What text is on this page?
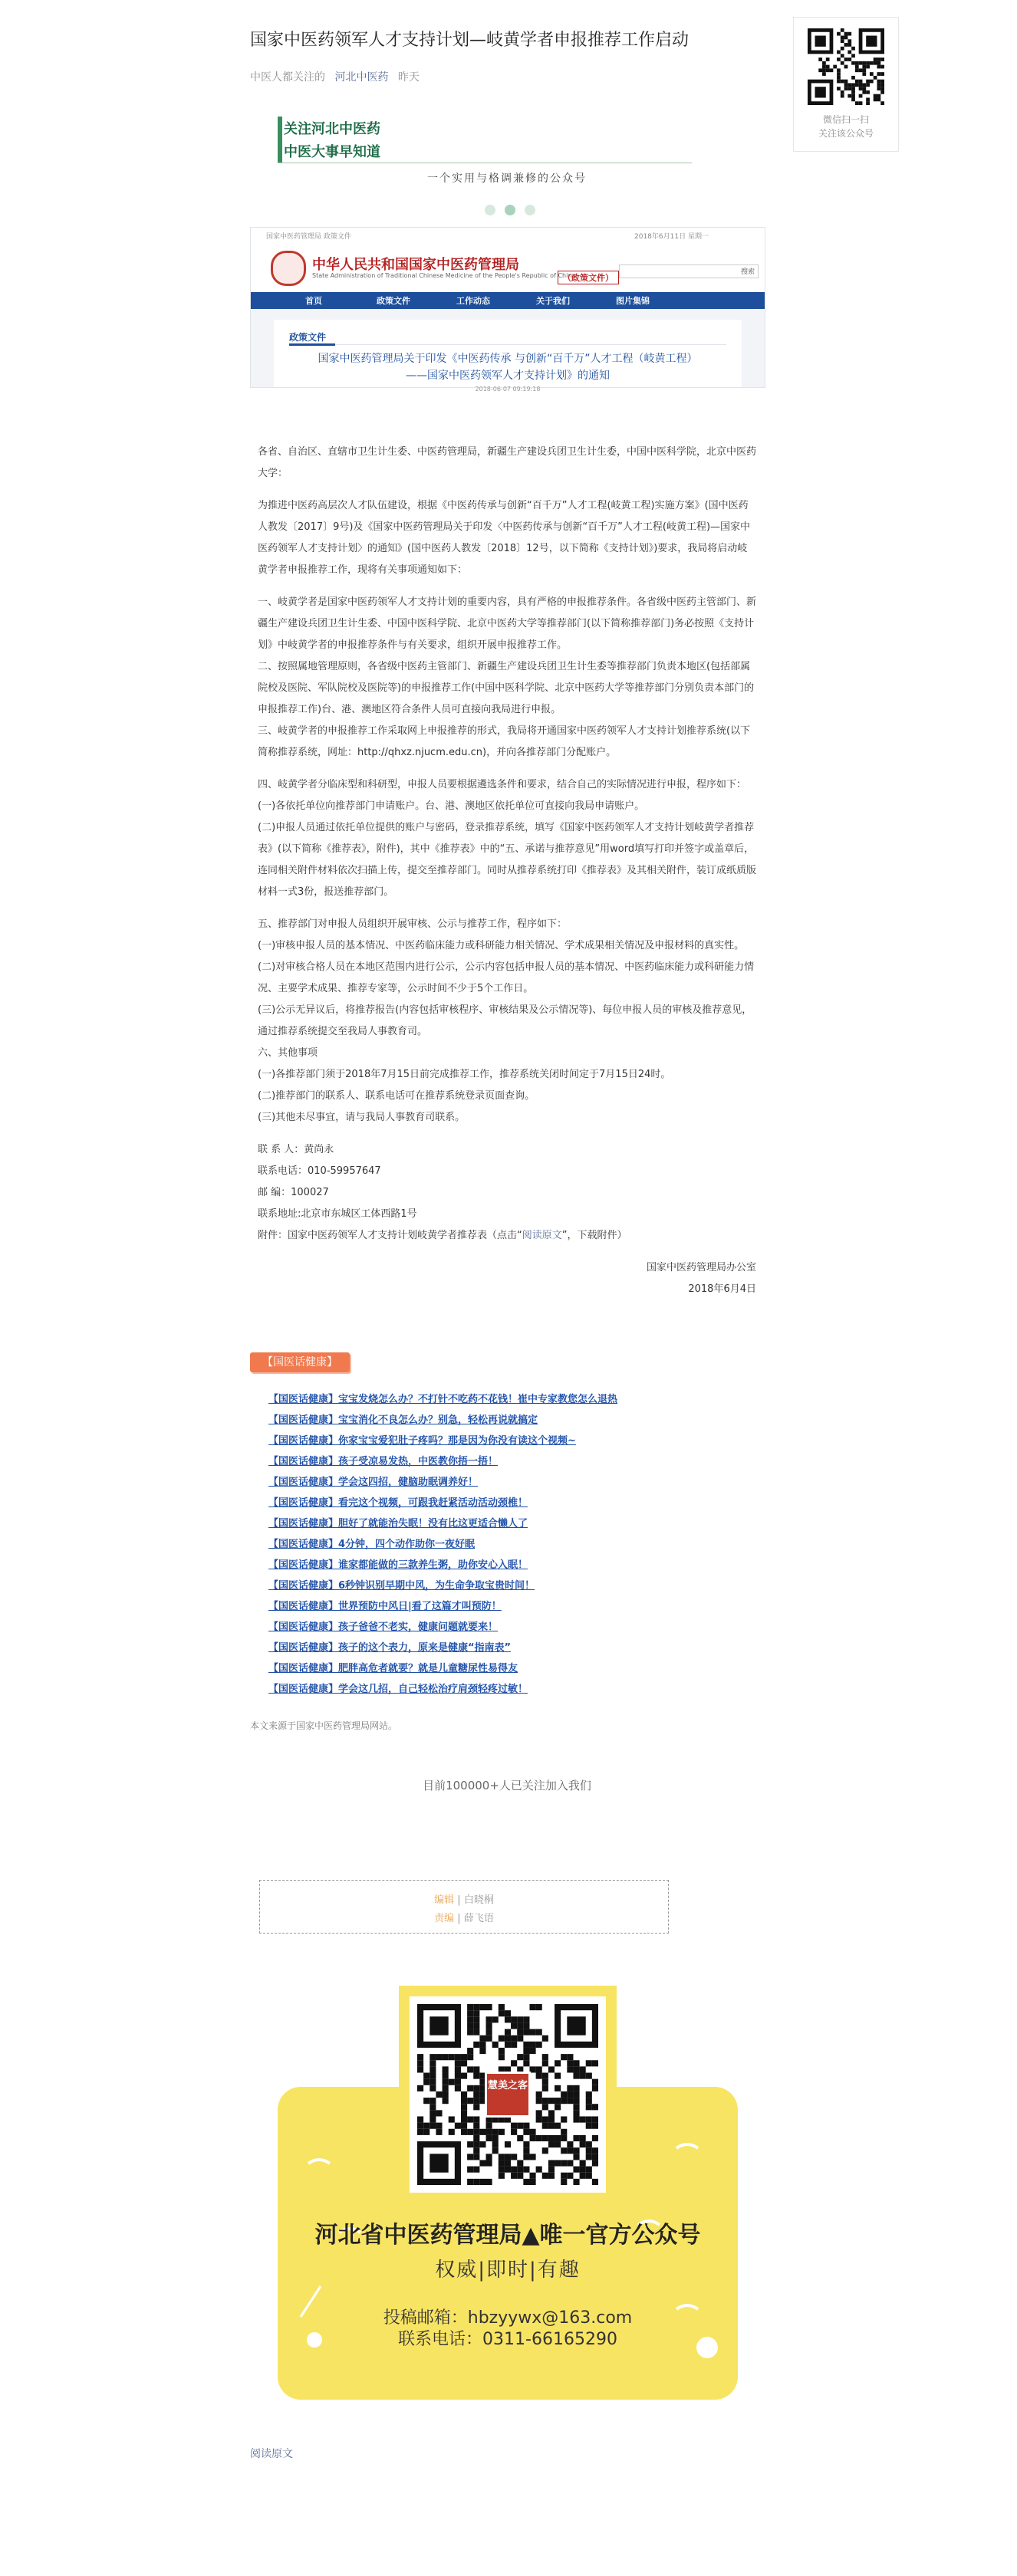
国家中医药领军人才支持计划—岐黄学者申报推荐工作启动
中医人都关注的 河北中医药 昨天
微信扫一扫
关注该公众号
关注河北中医药
中医大事早知道
一个实用与格调兼修的公众号
国家中医药管理局 政策文件	2018年6月11日 星期一
中华人民共和国国家中医药管理局
State Administration of Traditional Chinese Medicine of the People's Republic of China
（政策文件）
搜索
首页	政策文件	工作动态	关于我们	图片集锦
政策文件
国家中医药管理局关于印发《中医药传承 与创新“百千万”人才工程（岐黄工程）
——国家中医药领军人才支持计划》的通知
2018-06-07 09:19:18

各省、自治区、直辖市卫生计生委、中医药管理局，新疆生产建设兵团卫生计生委，中国中医科学院，北京中医药大学：

为推进中医药高层次人才队伍建设，根据《中医药传承与创新“百千万”人才工程(岐黄工程)实施方案》(国中医药人教发〔2017〕9号)及《国家中医药管理局关于印发〈中医药传承与创新“百千万”人才工程(岐黄工程)—国家中医药领军人才支持计划〉的通知》(国中医药人教发〔2018〕12号，以下简称《支持计划》)要求，我局将启动岐黄学者申报推荐工作，现将有关事项通知如下：

一、岐黄学者是国家中医药领军人才支持计划的重要内容，具有严格的申报推荐条件。各省级中医药主管部门、新疆生产建设兵团卫生计生委、中国中医科学院、北京中医药大学等推荐部门(以下简称推荐部门)务必按照《支持计划》中岐黄学者的申报推荐条件与有关要求，组织开展申报推荐工作。

二、按照属地管理原则，各省级中医药主管部门、新疆生产建设兵团卫生计生委等推荐部门负责本地区(包括部属院校及医院、军队院校及医院等)的申报推荐工作(中国中医科学院、北京中医药大学等推荐部门分别负责本部门的申报推荐工作)台、港、澳地区符合条件人员可直接向我局进行申报。

三、岐黄学者的申报推荐工作采取网上申报推荐的形式，我局将开通国家中医药领军人才支持计划推荐系统(以下简称推荐系统，网址：http://qhxz.njucm.edu.cn)，并向各推荐部门分配账户。

四、岐黄学者分临床型和科研型，申报人员要根据遴选条件和要求，结合自己的实际情况进行申报，程序如下：

(一)各依托单位向推荐部门申请账户。台、港、澳地区依托单位可直接向我局申请账户。

(二)申报人员通过依托单位提供的账户与密码，登录推荐系统，填写《国家中医药领军人才支持计划岐黄学者推荐表》(以下简称《推荐表》，附件)，其中《推荐表》中的“五、承诺与推荐意见”用word填写打印并签字或盖章后，连同相关附件材料依次扫描上传，提交至推荐部门。同时从推荐系统打印《推荐表》及其相关附件，装订成纸质版材料一式3份，报送推荐部门。

五、推荐部门对申报人员组织开展审核、公示与推荐工作，程序如下：

(一)审核申报人员的基本情况、中医药临床能力或科研能力相关情况、学术成果相关情况及申报材料的真实性。

(二)对审核合格人员在本地区范围内进行公示，公示内容包括申报人员的基本情况、中医药临床能力或科研能力情况、主要学术成果、推荐专家等，公示时间不少于5个工作日。

(三)公示无异议后，将推荐报告(内容包括审核程序、审核结果及公示情况等)、每位申报人员的审核及推荐意见，通过推荐系统提交至我局人事教育司。

六、其他事项

(一)各推荐部门须于2018年7月15日前完成推荐工作，推荐系统关闭时间定于7月15日24时。

(二)推荐部门的联系人、联系电话可在推荐系统登录页面查询。

(三)其他未尽事宜，请与我局人事教育司联系。

联 系 人：黄尚永

联系电话：010-59957647

邮 编：100027

联系地址:北京市东城区工体西路1号

附件：国家中医药领军人才支持计划岐黄学者推荐表（点击“阅读原文”，下载附件）

国家中医药管理局办公室

2018年6月4日

【国医话健康】
【国医话健康】宝宝发烧怎么办？不打针不吃药不花钱！崔中专家教您怎么退热
【国医话健康】宝宝消化不良怎么办？别急，轻松再说就搞定
【国医话健康】你家宝宝爱犯肚子疼吗？那是因为你没有读这个视频~
【国医话健康】孩子受凉易发热，中医教你捂一捂！
【国医话健康】学会这四招，健脑助眠调养好！
【国医话健康】看完这个视频，可跟我赶紧活动活动颈椎！
【国医话健康】胆好了就能治失眠！没有比这更适合懒人了
【国医话健康】4分钟，四个动作助你一夜好眠
【国医话健康】谁家都能做的三款养生粥，助你安心入眠！
【国医话健康】6秒钟识别早期中风，为生命争取宝贵时间！
【国医话健康】世界预防中风日|看了这篇才叫预防！
【国医话健康】孩子爸爸不老实，健康问题就要来！
【国医话健康】孩子的这个表力，原来是健康“指南表”
【国医话健康】肥胖高危者就要？就是儿童糖尿性易得友
【国医话健康】学会这几招，自己轻松治疗肩颈轻疼过敏！
本文来源于国家中医药管理局网站。
目前100000+人已关注加入我们
编辑 | 白晓桐
责编 | 薛飞语
慧美之客
河北省中医药管理局▲唯一官方公众号
权威|即时|有趣
投稿邮箱：hbzyywx@163.com
联系电话：0311-66165290
阅读原文
